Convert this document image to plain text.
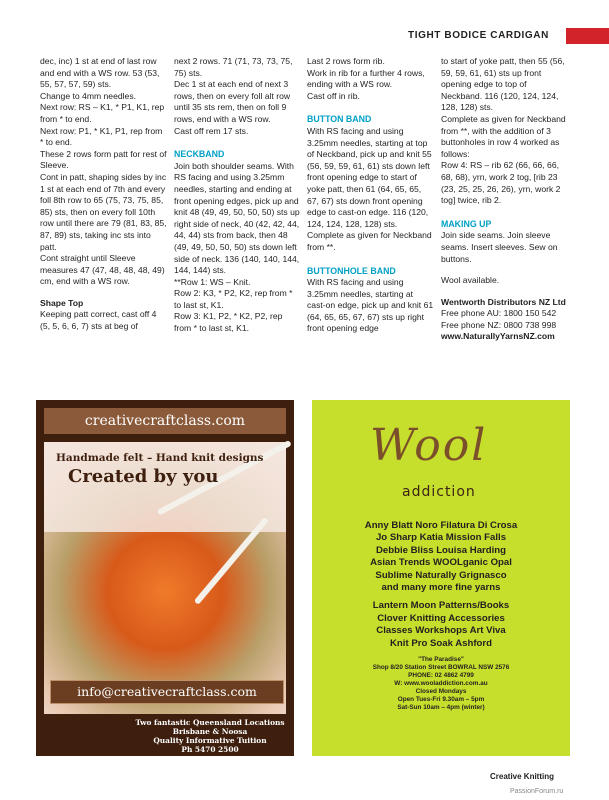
TIGHT BODICE CARDIGAN

dec, inc) 1 st at end of last row and end with a WS row. 53 (53, 55, 57, 57, 59) sts.

Change to 4mm needles.

Next row: RS – K1, * P1, K1, rep from * to end.

Next row: P1, * K1, P1, rep from * to end.

These 2 rows form patt for rest of Sleeve.

Cont in patt, shaping sides by inc 1 st at each end of 7th and every foll 8th row to 65 (75, 73, 75, 85, 85) sts, then on every foll 10th row until there are 79 (81, 83, 85, 87, 89) sts, taking inc sts into patt.

Cont straight until Sleeve measures 47 (47, 48, 48, 48, 49) cm, end with a WS row.

Shape Top

Keeping patt correct, cast off 4 (5, 5, 6, 6, 7) sts at beg of

next 2 rows. 71 (71, 73, 73, 75, 75) sts.

Dec 1 st at each end of next 3 rows, then on every foll alt row until 35 sts rem, then on foll 9 rows, end with a WS row.

Cast off rem 17 sts.

NECKBAND

Join both shoulder seams. With RS facing and using 3.25mm needles, starting and ending at front opening edges, pick up and knit 48 (49, 49, 50, 50, 50) sts up right side of neck, 40 (42, 42, 44, 44, 44) sts from back, then 48 (49, 49, 50, 50, 50) sts down left side of neck. 136 (140, 140, 144, 144, 144) sts.

**Row 1: WS – Knit.

Row 2: K3, * P2, K2, rep from * to last st, K1.

Row 3: K1, P2, * K2, P2, rep from * to last st, K1.

Last 2 rows form rib.

Work in rib for a further 4 rows, ending with a WS row.

Cast off in rib.

BUTTON BAND

With RS facing and using 3.25mm needles, starting at top of Neckband, pick up and knit 55 (56, 59, 59, 61, 61) sts down left front opening edge to start of yoke patt, then 61 (64, 65, 65, 67, 67) sts down front opening edge to cast-on edge. 116 (120, 124, 124, 128, 128) sts.

Complete as given for Neckband from **.

BUTTONHOLE BAND

With RS facing and using 3.25mm needles, starting at cast-on edge, pick up and knit 61 (64, 65, 65, 67, 67) sts up right front opening edge

to start of yoke patt, then 55 (56, 59, 59, 61, 61) sts up front opening edge to top of Neckband. 116 (120, 124, 124, 128, 128) sts.

Complete as given for Neckband from **, with the addition of 3 buttonholes in row 4 worked as follows:

Row 4: RS – rib 62 (66, 66, 66, 68, 68), yrn, work 2 tog, [rib 23 (23, 25, 25, 26, 26), yrn, work 2 tog] twice, rib 2.

MAKING UP

Join side seams. Join sleeve seams. Insert sleeves. Sew on buttons.

Wool available.

Wentworth Distributors NZ Ltd

Free phone AU: 1800 150 542

Free phone NZ: 0800 738 998

www.NaturallyYarnsNZ.com

creativecraftclass.com
Handmade felt – Hand knit designs
Created by you
info@creativecraftclass.com
Two fantastic Queensland Locations
Brisbane & Noosa
Quality Informative Tuition
Ph 5470 2500
Wool
addiction
Anny Blatt Noro Filatura Di Crosa
Jo Sharp Katia Mission Falls
Debbie Bliss Louisa Harding
Asian Trends WOOLganic Opal
Sublime Naturally Grignasco
and many more fine yarns
Lantern Moon Patterns/Books
Clover Knitting Accessories
Classes Workshops Art Viva
Knit Pro Soak Ashford
"The Paradise"
Shop 8/20 Station Street BOWRAL NSW 2576
PHONE: 02 4862 4799
W: www.wooladdiction.com.au
Closed Mondays
Open Tues-Fri 9.30am – 5pm
Sat-Sun 10am – 4pm (winter)
Creative Knitting
PassionForum.ru
